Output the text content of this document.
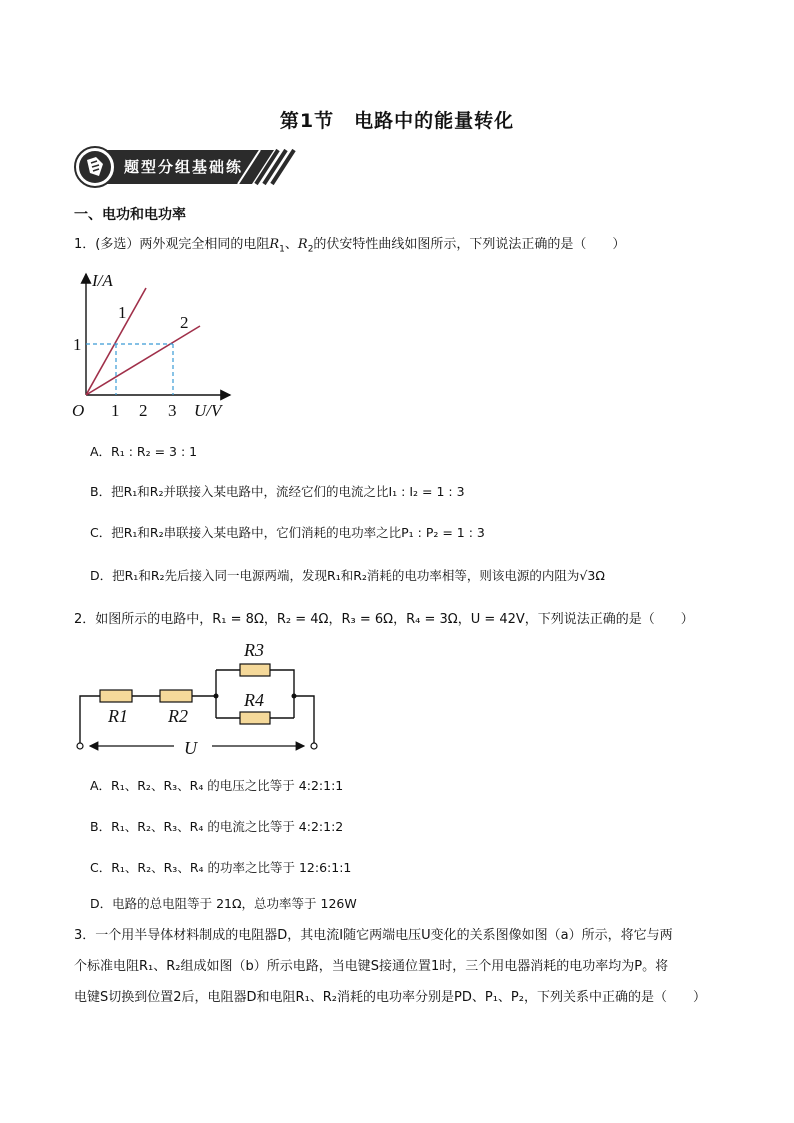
第1节　电路中的能量转化
题型分组基础练
一、电功和电功率
1．(多选）两外观完全相同的电阻$R_1$、$R_2$的伏安特性曲线如图所示，下列说法正确的是（　　）
I/A
U/V
O 1 2 3
1
1
2
A．R₁ : R₂ = 3 : 1
B．把R₁和R₂并联接入某电路中，流经它们的电流之比I₁ : I₂ = 1 : 3
C．把R₁和R₂串联接入某电路中，它们消耗的电功率之比P₁ : P₂ = 1 : 3
D．把R₁和R₂先后接入同一电源两端，发现R₁和R₂消耗的电功率相等，则该电源的内阻为√3Ω
2．如图所示的电路中，R₁ = 8Ω，R₂ = 4Ω，R₃ = 6Ω，R₄ = 3Ω，U = 42V，下列说法正确的是（　　）
R1 R2
R3
R4
U
A．R₁、R₂、R₃、R₄ 的电压之比等于 4:2:1:1
B．R₁、R₂、R₃、R₄ 的电流之比等于 4:2:1:2
C．R₁、R₂、R₃、R₄ 的功率之比等于 12:6:1:1
D．电路的总电阻等于 21Ω，总功率等于 126W
3．一个用半导体材料制成的电阻器D，其电流I随它两端电压U变化的关系图像如图（a）所示，将它与两
个标准电阻R₁、R₂组成如图（b）所示电路，当电键S接通位置1时，三个用电器消耗的电功率均为P。将
电键S切换到位置2后，电阻器D和电阻R₁、R₂消耗的电功率分别是PD、P₁、P₂，下列关系中正确的是（　　）
